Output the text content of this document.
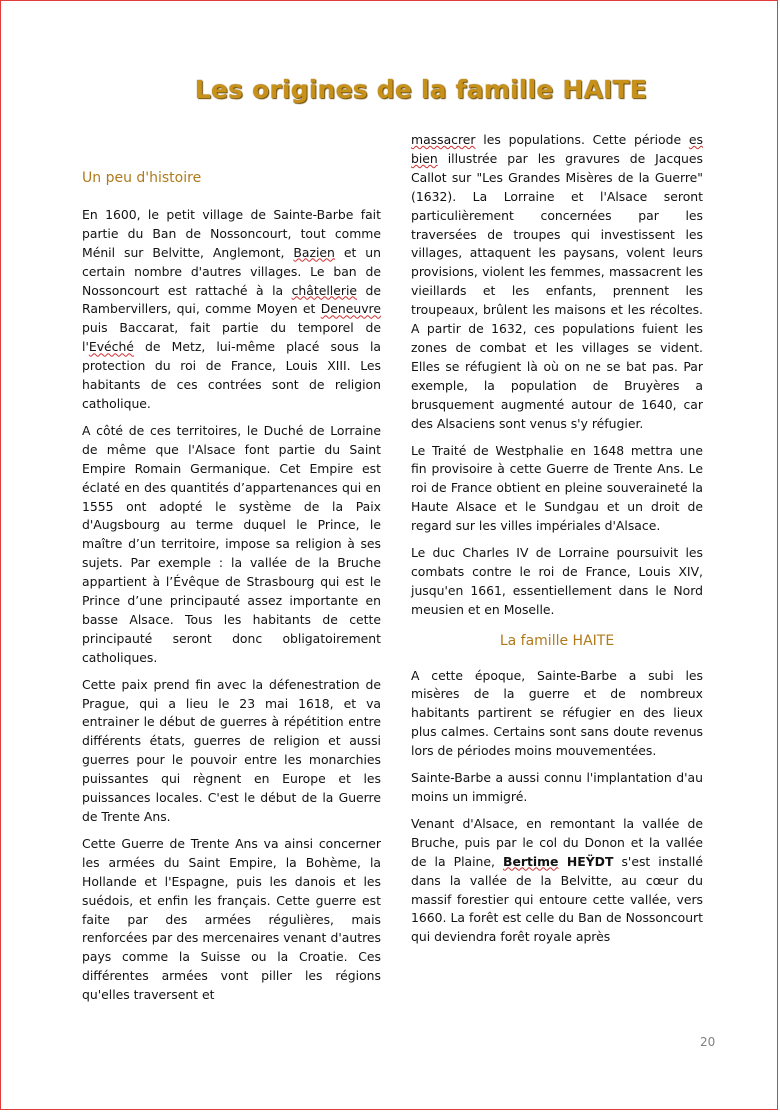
Les origines de la famille HAITE
Un peu d'histoire

En 1600, le petit village de Sainte-Barbe fait partie du Ban de Nossoncourt, tout comme Ménil sur Belvitte, Anglemont, Bazien et un certain nombre d'autres villages. Le ban de Nossoncourt est rattaché à la châtellerie de Rambervillers, qui, comme Moyen et Deneuvre puis Baccarat, fait partie du temporel de l'Evéché de Metz, lui-même placé sous la protection du roi de France, Louis XIII. Les habitants de ces contrées sont de religion catholique.

A côté de ces territoires, le Duché de Lorraine de même que l'Alsace font partie du Saint Empire Romain Germanique. Cet Empire est éclaté en des quantités d’appartenances qui en 1555 ont adopté le système de la Paix d'Augsbourg au terme duquel le Prince, le maître d’un territoire, impose sa religion à ses sujets. Par exemple : la vallée de la Bruche appartient à l’Évêque de Strasbourg qui est le Prince d’une principauté assez importante en basse Alsace. Tous les habitants de cette principauté seront donc obligatoirement catholiques.

Cette paix prend fin avec la défenestration de Prague, qui a lieu le 23 mai 1618, et va entrainer le début de guerres à répétition entre différents états, guerres de religion et aussi guerres pour le pouvoir entre les monarchies puissantes qui règnent en Europe et les puissances locales. C'est le début de la Guerre de Trente Ans.

Cette Guerre de Trente Ans va ainsi concerner les armées du Saint Empire, la Bohème, la Hollande et l'Espagne, puis les danois et les suédois, et enfin les français. Cette guerre est faite par des armées régulières, mais renforcées par des mercenaires venant d'autres pays comme la Suisse ou la Croatie. Ces différentes armées vont piller les régions qu'elles traversent et

massacrer les populations. Cette période es bien illustrée par les gravures de Jacques Callot sur "Les Grandes Misères de la Guerre"(1632). La Lorraine et l'Alsace seront particulièrement concernées par les traversées de troupes qui investissent les villages, attaquent les paysans, volent leurs provisions, violent les femmes, massacrent les vieillards et les enfants, prennent les troupeaux, brûlent les maisons et les récoltes. A partir de 1632, ces populations fuient les zones de combat et les villages se vident. Elles se réfugient là où on ne se bat pas. Par exemple, la population de Bruyères a brusquement augmenté autour de 1640, car des Alsaciens sont venus s'y réfugier.

Le Traité de Westphalie en 1648 mettra une fin provisoire à cette Guerre de Trente Ans. Le roi de France obtient en pleine souveraineté la Haute Alsace et le Sundgau et un droit de regard sur les villes impériales d'Alsace.

Le duc Charles IV de Lorraine poursuivit les combats contre le roi de France, Louis XIV, jusqu'en 1661, essentiellement dans le Nord meusien et en Moselle.

La famille HAITE

A cette époque, Sainte-Barbe a subi les misères de la guerre et de nombreux habitants partirent se réfugier en des lieux plus calmes. Certains sont sans doute revenus lors de périodes moins mouvementées.

Sainte-Barbe a aussi connu l'implantation d'au moins un immigré.

Venant d'Alsace, en remontant la vallée de Bruche, puis par le col du Donon et la vallée de la Plaine, Bertime HEŸDT s'est installé dans la vallée de la Belvitte, au cœur du massif forestier qui entoure cette vallée, vers 1660. La forêt est celle du Ban de Nossoncourt qui deviendra forêt royale après

20
